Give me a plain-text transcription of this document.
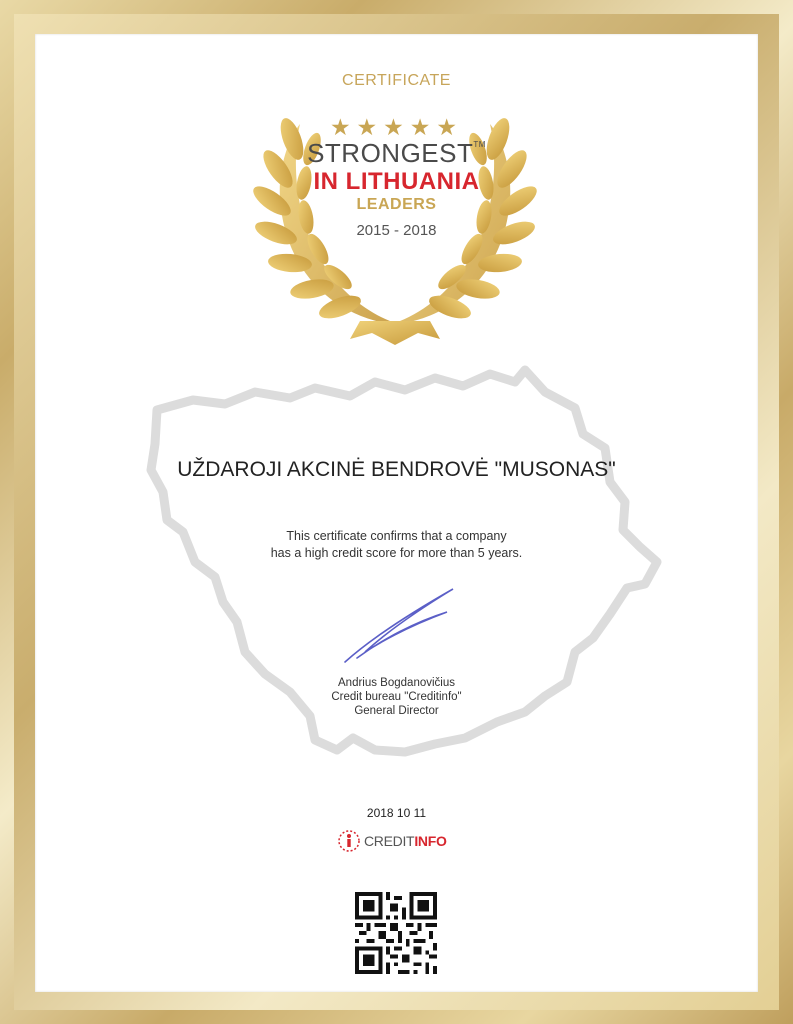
CERTIFICATE
★★★★★
STRONGEST™
IN LITHUANIA
LEADERS
2015 - 2018
UŽDAROJI AKCINĖ BENDROVĖ "MUSONAS"
This certificate confirms that a company
has a high credit score for more than 5 years.
Andrius Bogdanovičius
Credit bureau "Creditinfo"
General Director
2018 10 11
CREDITINFO
